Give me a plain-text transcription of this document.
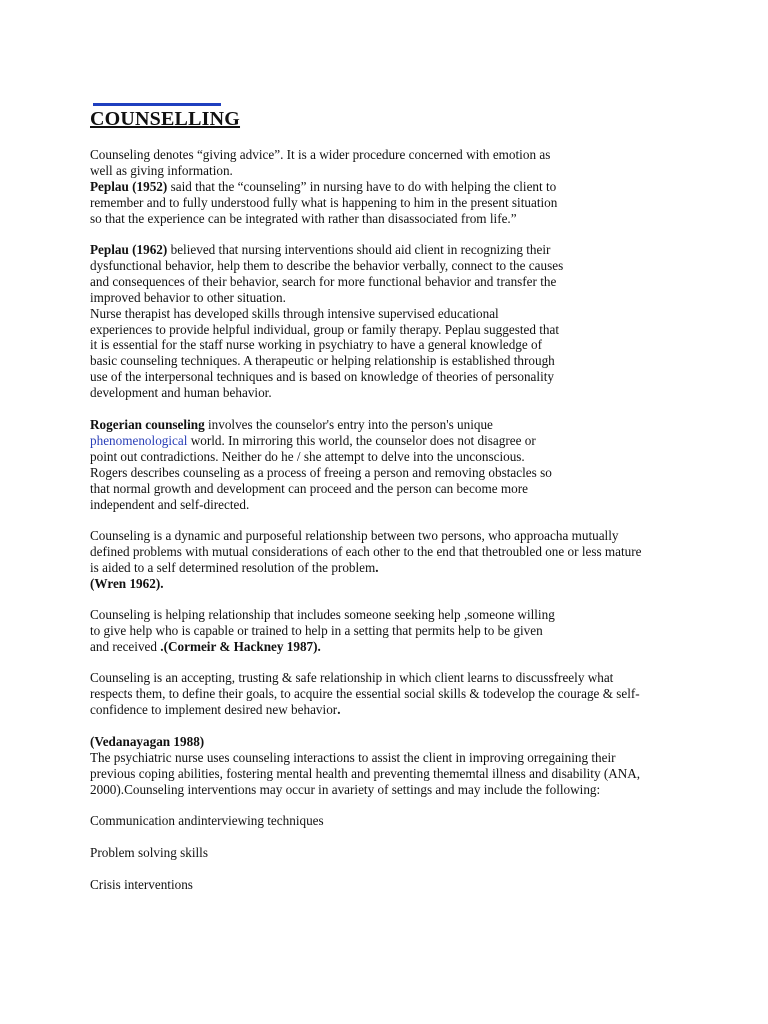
COUNSELLING
Counseling denotes “giving advice”. It is a wider procedure concerned with emotion as
well as giving information.
Peplau (1952) said that the “counseling” in nursing have to do with helping the client to
remember and to fully understood fully what is happening to him in the present situation
so that the experience can be integrated with rather than disassociated from life.”
Peplau (1962) believed that nursing interventions should aid client in recognizing their
dysfunctional behavior, help them to describe the behavior verbally, connect to the causes
and consequences of their behavior, search for more functional behavior and transfer the
improved behavior to other situation.
Nurse therapist has developed skills through intensive supervised educational
experiences to provide helpful individual, group or family therapy. Peplau suggested that
it is essential for the staff nurse working in psychiatry to have a general knowledge of
basic counseling techniques. A therapeutic or helping relationship is established through
use of the interpersonal techniques and is based on knowledge of theories of personality
development and human behavior.
Rogerian counseling involves the counselor's entry into the person's unique
phenomenological world. In mirroring this world, the counselor does not disagree or
point out contradictions. Neither do he / she attempt to delve into the unconscious.
Rogers describes counseling as a process of freeing a person and removing obstacles so
that normal growth and development can proceed and the person can become more
independent and self-directed.
Counseling is a dynamic and purposeful relationship between two persons, who approacha mutually
defined problems with mutual considerations of each other to the end that thetroubled one or less mature
is aided to a self determined resolution of the problem.
(Wren 1962).
Counseling is helping relationship that includes someone seeking help ,someone willing
to give help who is capable or trained to help in a setting that permits help to be given
and received .(Cormeir & Hackney 1987).
Counseling is an accepting, trusting & safe relationship in which client learns to discussfreely what
respects them, to define their goals, to acquire the essential social skills & todevelop the courage & self-
confidence to implement desired new behavior.
(Vedanayagan 1988)
The psychiatric nurse uses counseling interactions to assist the client in improving orregaining their
previous coping abilities, fostering mental health and preventing thememtal illness and disability (ANA,
2000).Counseling interventions may occur in avariety of settings and may include the following:
Communication andinterviewing techniques
Problem solving skills
Crisis interventions
